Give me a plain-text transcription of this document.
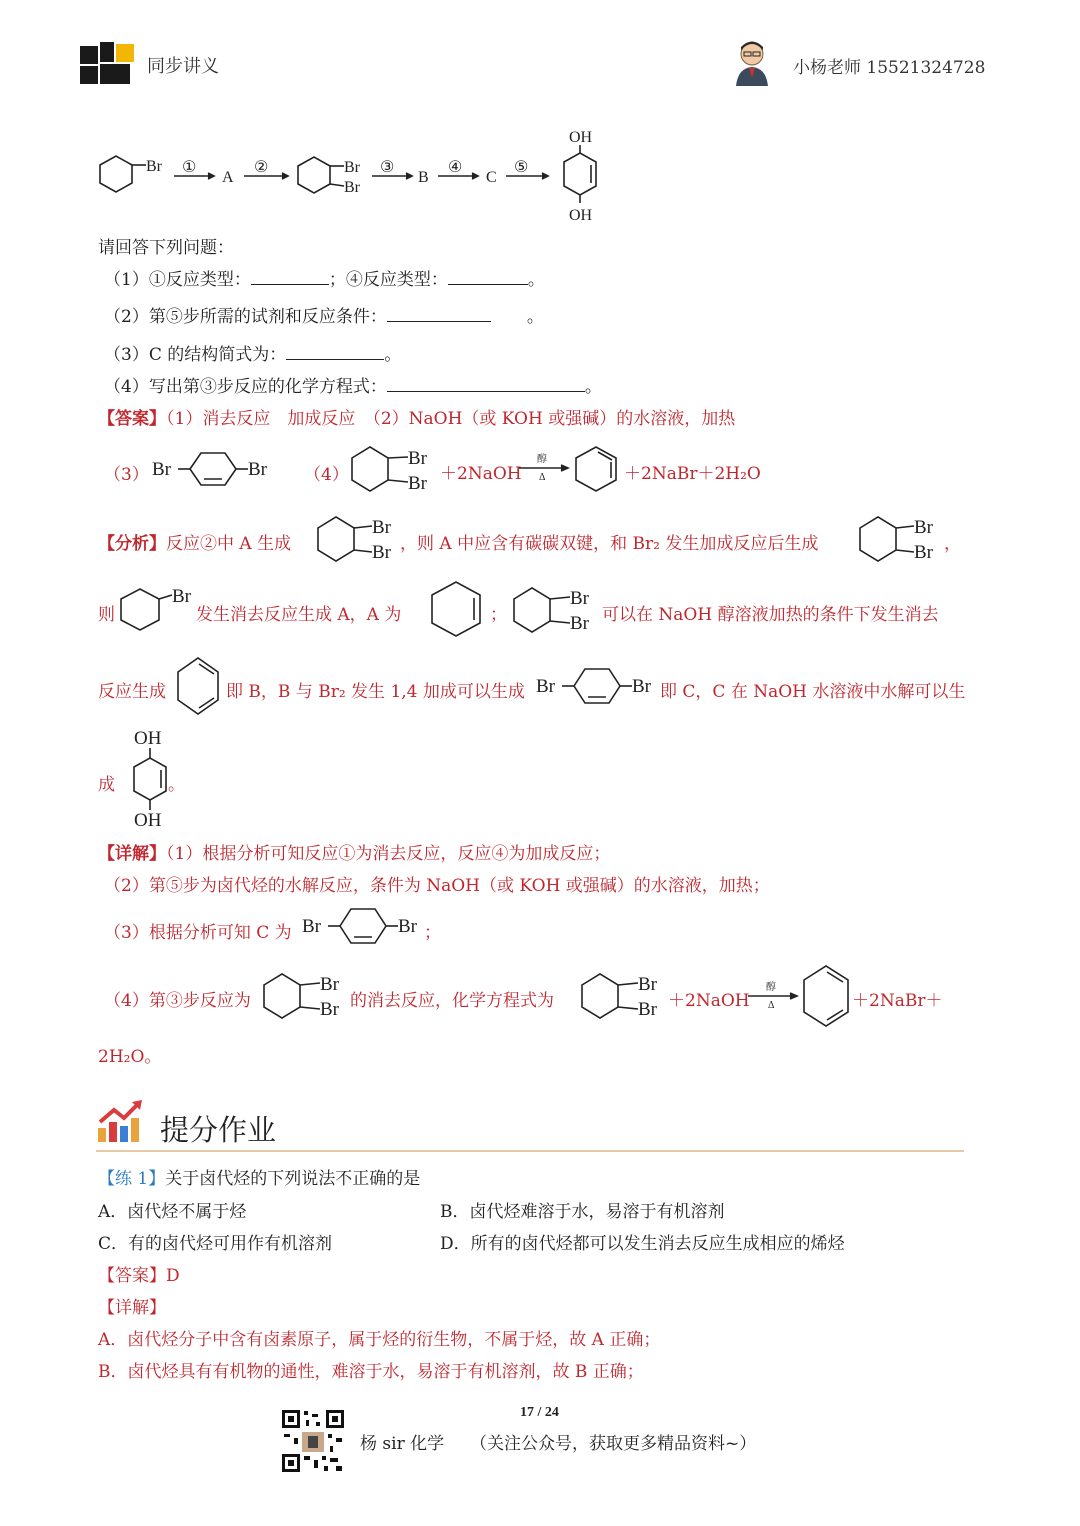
同步讲义	小杨老师 15521324728
Br ①
A
②	Br
Br
③
B
④
C
⑤
OH
OH
请回答下列问题：
（1）①反应类型：	；④反应类型：	。
（2）第⑤步所需的试剂和反应条件：	。
（3）C 的结构简式为：	。
（4）写出第③步反应的化学方程式：	。
【答案】（1）消去反应　加成反应　（2）NaOH（或 KOH 或强碱）的水溶液，加热
（3） Br	Br （4）
Br
Br ＋2NaOH
醇
Δ	＋2NaBr＋2H₂O
【分析】反应②中 A 生成
Br
Br ，则 A 中应含有碳碳双键，和 Br₂ 发生加成反应后生成
Br
Br ，
则
Br
发生消去反应生成 A，A 为	；
Br
Br 可以在 NaOH 醇溶液加热的条件下发生消去
反应生成	即 B，B 与 Br₂ 发生 1,4 加成可以生成 Br	Br 即 C，C 在 NaOH 水溶液中水解可以生
成
OH
OH
。
【详解】（1）根据分析可知反应①为消去反应，反应④为加成反应；
（2）第⑤步为卤代烃的水解反应，条件为 NaOH（或 KOH 或强碱）的水溶液，加热；
（3）根据分析可知 C 为 Br	Br ；
（4）第③步反应为
Br
Br 的消去反应，化学方程式为
Br
Br ＋2NaOH
醇
Δ	＋2NaBr＋
2H₂O。
提分作业
【练 1】关于卤代烃的下列说法不正确的是
A．卤代烃不属于烃	B．卤代烃难溶于水，易溶于有机溶剂
C．有的卤代烃可用作有机溶剂	D．所有的卤代烃都可以发生消去反应生成相应的烯烃
【答案】D
【详解】
A．卤代烃分子中含有卤素原子，属于烃的衍生物，不属于烃，故 A 正确；
B．卤代烃具有有机物的通性，难溶于水，易溶于有机溶剂，故 B 正确；
17 / 24
杨 sir 化学 （关注公众号，获取更多精品资料~）
